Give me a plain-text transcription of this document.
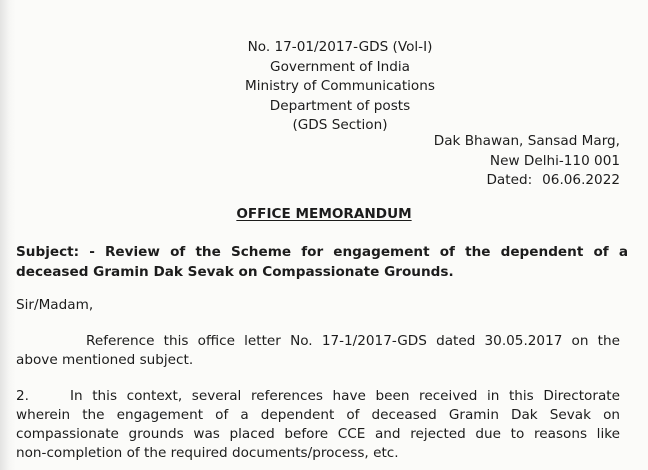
No. 17-01/2017-GDS (Vol-I)
Government of India
Ministry of Communications
Department of posts
(GDS Section)
Dak Bhawan, Sansad Marg,
New Delhi-110 001
Dated: 06.06.2022
OFFICE MEMORANDUM
Subject: - Review of the Scheme for engagement of the dependent of a
deceased Gramin Dak Sevak on Compassionate Grounds.
Sir/Madam,
Reference this office letter No. 17-1/2017-GDS dated 30.05.2017 on the
above mentioned subject.
2.	In this context, several references have been received in this Directorate
wherein the engagement of a dependent of deceased Gramin Dak Sevak on
compassionate grounds was placed before CCE and rejected due to reasons like
non-completion of the required documents/process, etc.
